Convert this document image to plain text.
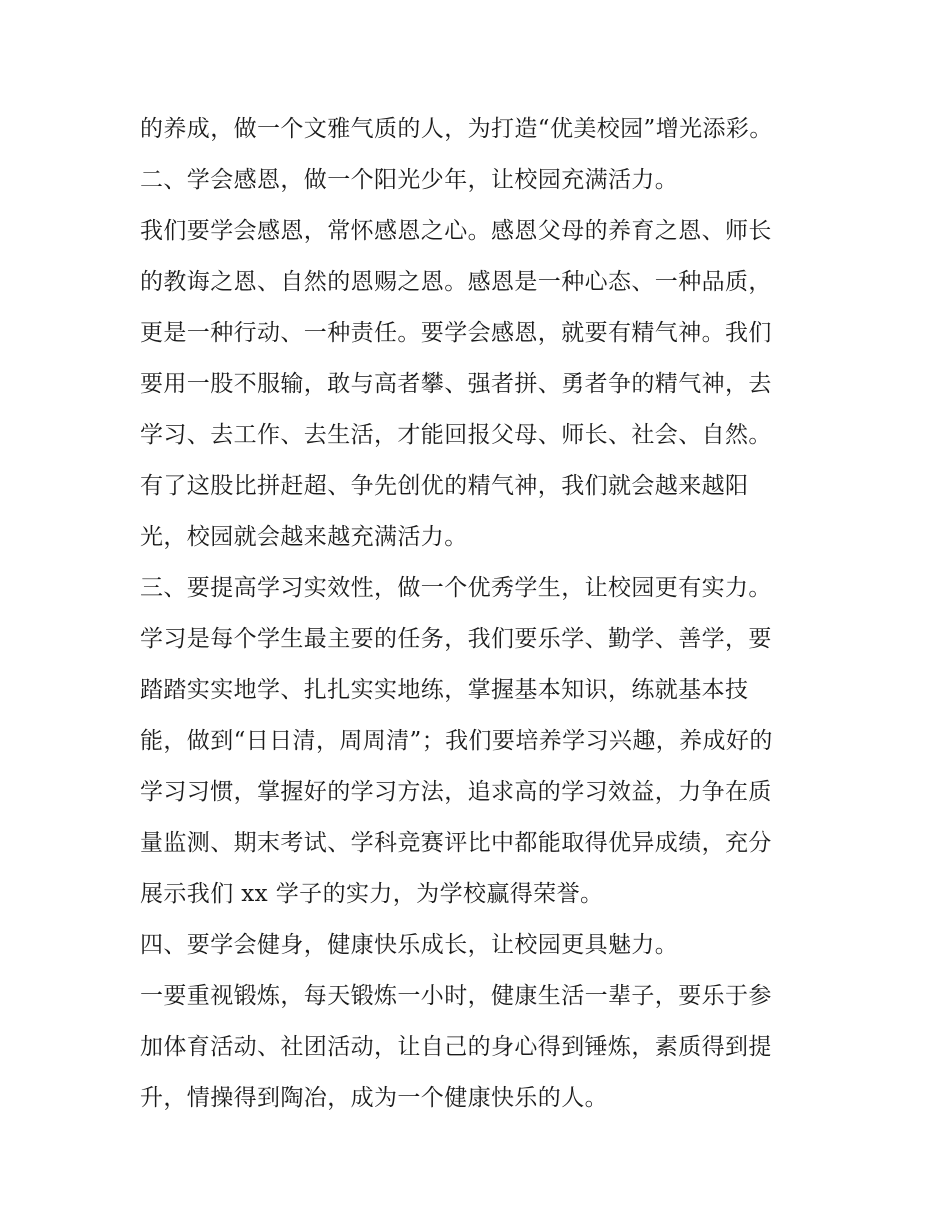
的养成，做一个文雅气质的人，为打造“优美校园”增光添彩。
二、学会感恩，做一个阳光少年，让校园充满活力。
我们要学会感恩，常怀感恩之心。感恩父母的养育之恩、师长
的教诲之恩、自然的恩赐之恩。感恩是一种心态、一种品质，
更是一种行动、一种责任。要学会感恩，就要有精气神。我们
要用一股不服输，敢与高者攀、强者拼、勇者争的精气神，去
学习、去工作、去生活，才能回报父母、师长、社会、自然。
有了这股比拼赶超、争先创优的精气神，我们就会越来越阳
光，校园就会越来越充满活力。
三、要提高学习实效性，做一个优秀学生，让校园更有实力。
学习是每个学生最主要的任务，我们要乐学、勤学、善学，要
踏踏实实地学、扎扎实实地练，掌握基本知识，练就基本技
能，做到“日日清，周周清”；我们要培养学习兴趣，养成好的
学习习惯，掌握好的学习方法，追求高的学习效益，力争在质
量监测、期末考试、学科竞赛评比中都能取得优异成绩，充分
展示我们 xx 学子的实力，为学校赢得荣誉。
四、要学会健身，健康快乐成长，让校园更具魅力。
一要重视锻炼，每天锻炼一小时，健康生活一辈子，要乐于参
加体育活动、社团活动，让自己的身心得到锤炼，素质得到提
升，情操得到陶冶，成为一个健康快乐的人。
